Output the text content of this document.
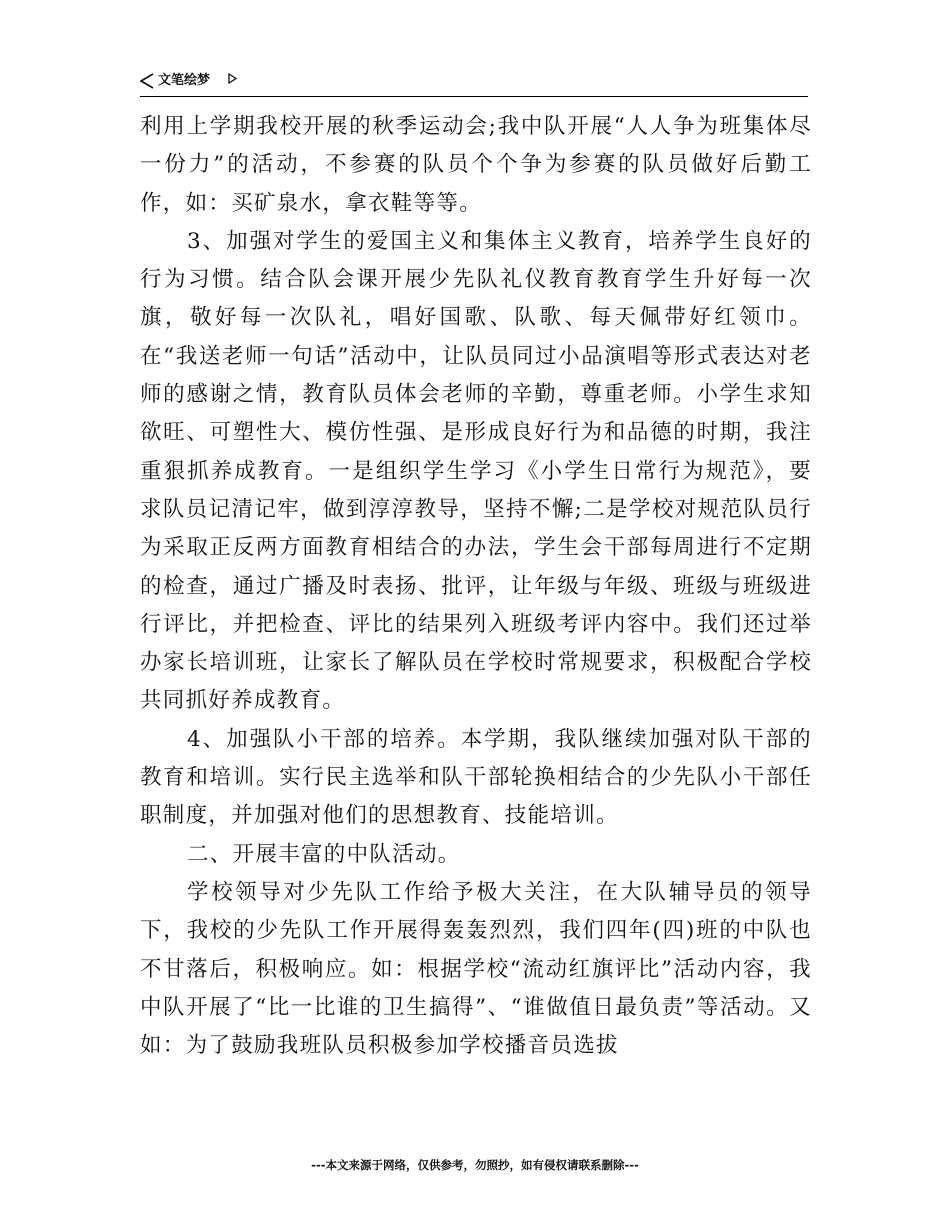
文笔绘梦

利用上学期我校开展的秋季运动会;我中队开展“人人争为班集体尽一份力”的活动，不参赛的队员个个争为参赛的队员做好后勤工作，如：买矿泉水，拿衣鞋等等。

3、加强对学生的爱国主义和集体主义教育，培养学生良好的行为习惯。结合队会课开展少先队礼仪教育教育学生升好每一次旗，敬好每一次队礼，唱好国歌、队歌、每天佩带好红领巾。在“我送老师一句话”活动中，让队员同过小品演唱等形式表达对老师的感谢之情，教育队员体会老师的辛勤，尊重老师。小学生求知欲旺、可塑性大、模仿性强、是形成良好行为和品德的时期，我注重狠抓养成教育。一是组织学生学习《小学生日常行为规范》，要求队员记清记牢，做到淳淳教导，坚持不懈;二是学校对规范队员行为采取正反两方面教育相结合的办法，学生会干部每周进行不定期的检查，通过广播及时表扬、批评，让年级与年级、班级与班级进行评比，并把检查、评比的结果列入班级考评内容中。我们还过举办家长培训班，让家长了解队员在学校时常规要求，积极配合学校共同抓好养成教育。

4、加强队小干部的培养。本学期，我队继续加强对队干部的教育和培训。实行民主选举和队干部轮换相结合的少先队小干部任职制度，并加强对他们的思想教育、技能培训。

二、开展丰富的中队活动。

学校领导对少先队工作给予极大关注，在大队辅导员的领导下，我校的少先队工作开展得轰轰烈烈，我们四年(四)班的中队也不甘落后，积极响应。如：根据学校“流动红旗评比”活动内容，我中队开展了“比一比谁的卫生搞得”、“谁做值日最负责”等活动。又如：为了鼓励我班队员积极参加学校播音员选拔

---本文来源于网络，仅供参考，勿照抄，如有侵权请联系删除---
